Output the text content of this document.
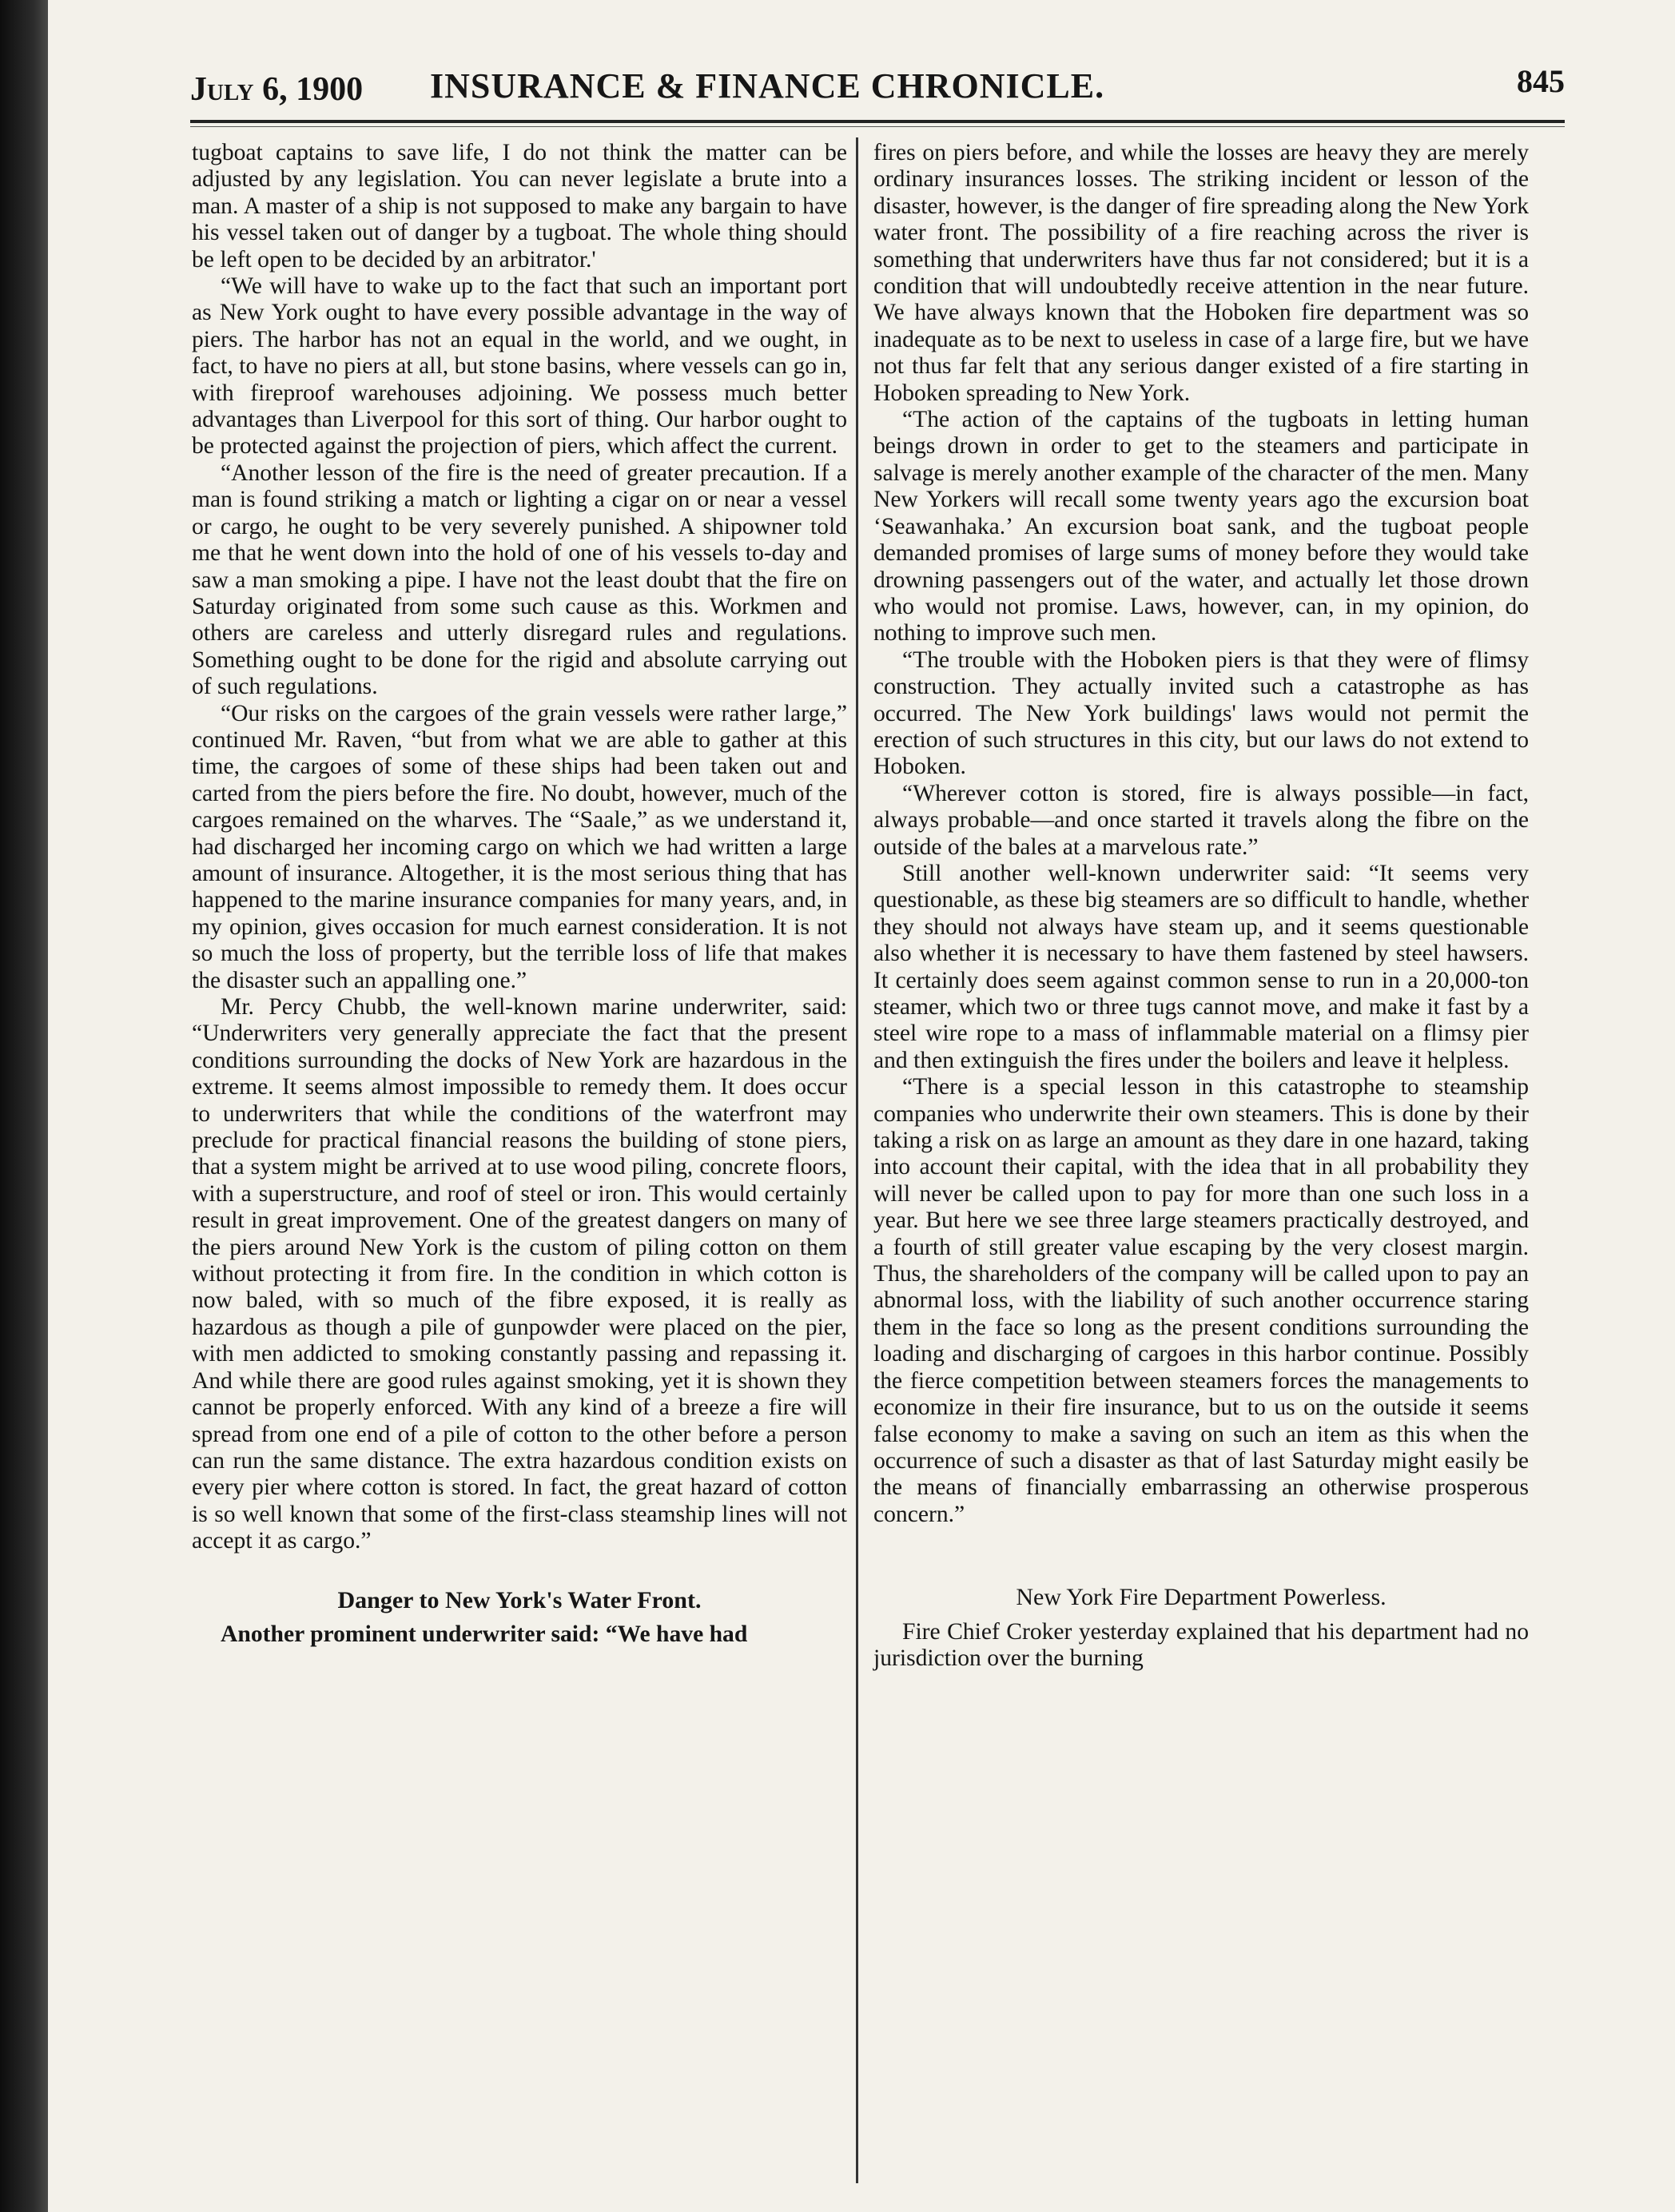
July 6, 1900 INSURANCE & FINANCE CHRONICLE.	845

tugboat captains to save life, I do not think the matter can be adjusted by any legislation. You can never legislate a brute into a man. A master of a ship is not supposed to make any bargain to have his vessel taken out of danger by a tugboat. The whole thing should be left open to be decided by an arbitrator.'

“We will have to wake up to the fact that such an important port as New York ought to have every possible advantage in the way of piers. The harbor has not an equal in the world, and we ought, in fact, to have no piers at all, but stone basins, where vessels can go in, with fireproof warehouses adjoining. We possess much better advantages than Liverpool for this sort of thing. Our harbor ought to be protected against the projection of piers, which affect the current.

“Another lesson of the fire is the need of greater precaution. If a man is found striking a match or lighting a cigar on or near a vessel or cargo, he ought to be very severely punished. A shipowner told me that he went down into the hold of one of his vessels to-day and saw a man smoking a pipe. I have not the least doubt that the fire on Saturday originated from some such cause as this. Workmen and others are careless and utterly disregard rules and regulations. Something ought to be done for the rigid and absolute carrying out of such regulations.

“Our risks on the cargoes of the grain vessels were rather large,” continued Mr. Raven, “but from what we are able to gather at this time, the cargoes of some of these ships had been taken out and carted from the piers before the fire. No doubt, however, much of the cargoes remained on the wharves. The “Saale,” as we understand it, had discharged her incoming cargo on which we had written a large amount of insurance. Altogether, it is the most serious thing that has happened to the marine insurance companies for many years, and, in my opinion, gives occasion for much earnest consideration. It is not so much the loss of property, but the terrible loss of life that makes the disaster such an appalling one.”

Mr. Percy Chubb, the well-known marine underwriter, said: “Underwriters very generally appreciate the fact that the present conditions surrounding the docks of New York are hazardous in the extreme. It seems almost impossible to remedy them. It does occur to underwriters that while the conditions of the waterfront may preclude for practical financial reasons the building of stone piers, that a system might be arrived at to use wood piling, concrete floors, with a superstructure, and roof of steel or iron. This would certainly result in great improvement. One of the greatest dangers on many of the piers around New York is the custom of piling cotton on them without protecting it from fire. In the condition in which cotton is now baled, with so much of the fibre exposed, it is really as hazardous as though a pile of gunpowder were placed on the pier, with men addicted to smoking constantly passing and repassing it. And while there are good rules against smoking, yet it is shown they cannot be properly enforced. With any kind of a breeze a fire will spread from one end of a pile of cotton to the other before a person can run the same distance. The extra hazardous condition exists on every pier where cotton is stored. In fact, the great hazard of cotton is so well known that some of the first-class steamship lines will not accept it as cargo.”

Danger to New York's Water Front.

Another prominent underwriter said: “We have had

fires on piers before, and while the losses are heavy they are merely ordinary insurances losses. The striking incident or lesson of the disaster, however, is the danger of fire spreading along the New York water front. The possibility of a fire reaching across the river is something that underwriters have thus far not considered; but it is a condition that will undoubtedly receive attention in the near future. We have always known that the Hoboken fire department was so inadequate as to be next to useless in case of a large fire, but we have not thus far felt that any serious danger existed of a fire starting in Hoboken spreading to New York.

“The action of the captains of the tugboats in letting human beings drown in order to get to the steamers and participate in salvage is merely another example of the character of the men. Many New Yorkers will recall some twenty years ago the excursion boat ‘Seawanhaka.’ An excursion boat sank, and the tugboat people demanded promises of large sums of money before they would take drowning passengers out of the water, and actually let those drown who would not promise. Laws, however, can, in my opinion, do nothing to improve such men.

“The trouble with the Hoboken piers is that they were of flimsy construction. They actually invited such a catastrophe as has occurred. The New York buildings' laws would not permit the erection of such structures in this city, but our laws do not extend to Hoboken.

“Wherever cotton is stored, fire is always possible—in fact, always probable—and once started it travels along the fibre on the outside of the bales at a marvelous rate.”

Still another well-known underwriter said: “It seems very questionable, as these big steamers are so difficult to handle, whether they should not always have steam up, and it seems questionable also whether it is necessary to have them fastened by steel hawsers. It certainly does seem against common sense to run in a 20,000-ton steamer, which two or three tugs cannot move, and make it fast by a steel wire rope to a mass of inflammable material on a flimsy pier and then extinguish the fires under the boilers and leave it helpless.

“There is a special lesson in this catastrophe to steamship companies who underwrite their own steamers. This is done by their taking a risk on as large an amount as they dare in one hazard, taking into account their capital, with the idea that in all probability they will never be called upon to pay for more than one such loss in a year. But here we see three large steamers practically destroyed, and a fourth of still greater value escaping by the very closest margin. Thus, the shareholders of the company will be called upon to pay an abnormal loss, with the liability of such another occurrence staring them in the face so long as the present conditions surrounding the loading and discharging of cargoes in this harbor continue. Possibly the fierce competition between steamers forces the managements to economize in their fire insurance, but to us on the outside it seems false economy to make a saving on such an item as this when the occurrence of such a disaster as that of last Saturday might easily be the means of financially embarrassing an otherwise prosperous concern.”

New York Fire Department Powerless.

Fire Chief Croker yesterday explained that his department had no jurisdiction over the burning
